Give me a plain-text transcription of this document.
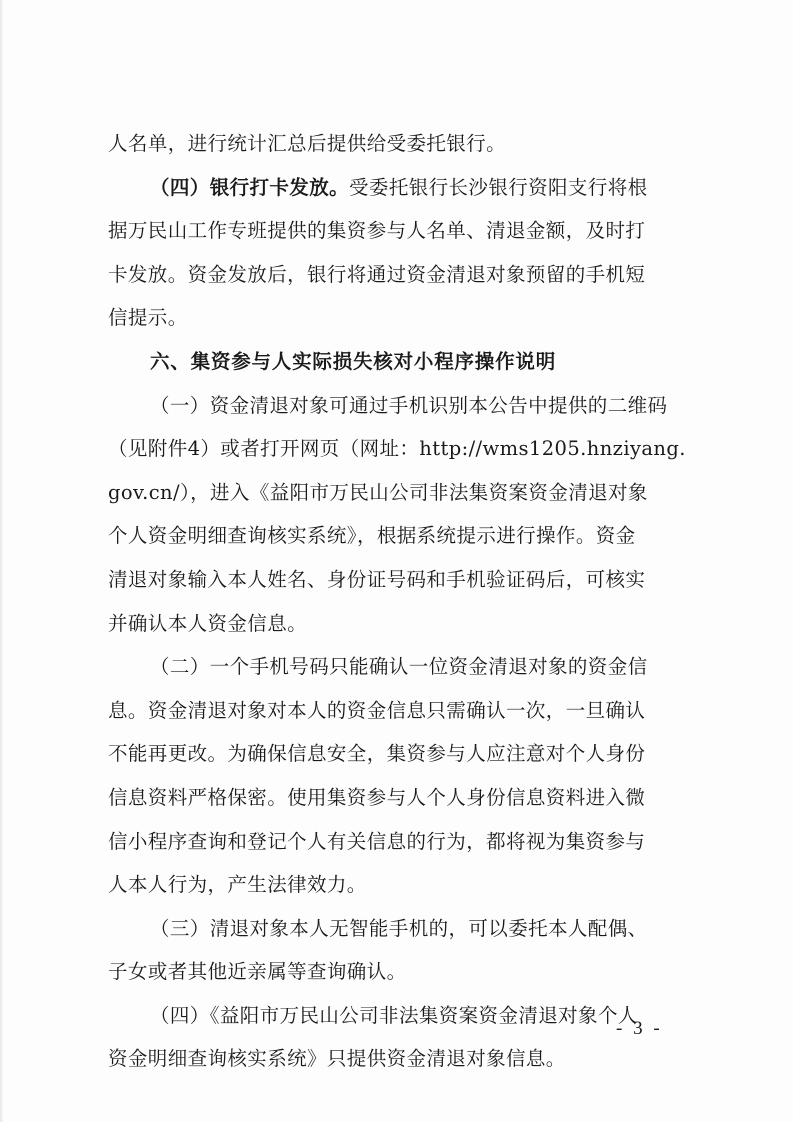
人名单，进行统计汇总后提供给受委托银行。
（四）银行打卡发放。受委托银行长沙银行资阳支行将根
据万民山工作专班提供的集资参与人名单、清退金额，及时打
卡发放。资金发放后，银行将通过资金清退对象预留的手机短
信提示。
六、集资参与人实际损失核对小程序操作说明
（一）资金清退对象可通过手机识别本公告中提供的二维码
（见附件4）或者打开网页（网址：http://wms1205.hnziyang.
gov.cn/），进入《益阳市万民山公司非法集资案资金清退对象
个人资金明细查询核实系统》，根据系统提示进行操作。资金
清退对象输入本人姓名、身份证号码和手机验证码后，可核实
并确认本人资金信息。
（二）一个手机号码只能确认一位资金清退对象的资金信
息。资金清退对象对本人的资金信息只需确认一次，一旦确认
不能再更改。为确保信息安全，集资参与人应注意对个人身份
信息资料严格保密。使用集资参与人个人身份信息资料进入微
信小程序查询和登记个人有关信息的行为，都将视为集资参与
人本人行为，产生法律效力。
（三）清退对象本人无智能手机的，可以委托本人配偶、
子女或者其他近亲属等查询确认。
（四）《益阳市万民山公司非法集资案资金清退对象个人
资金明细查询核实系统》只提供资金清退对象信息。
- 3 -
